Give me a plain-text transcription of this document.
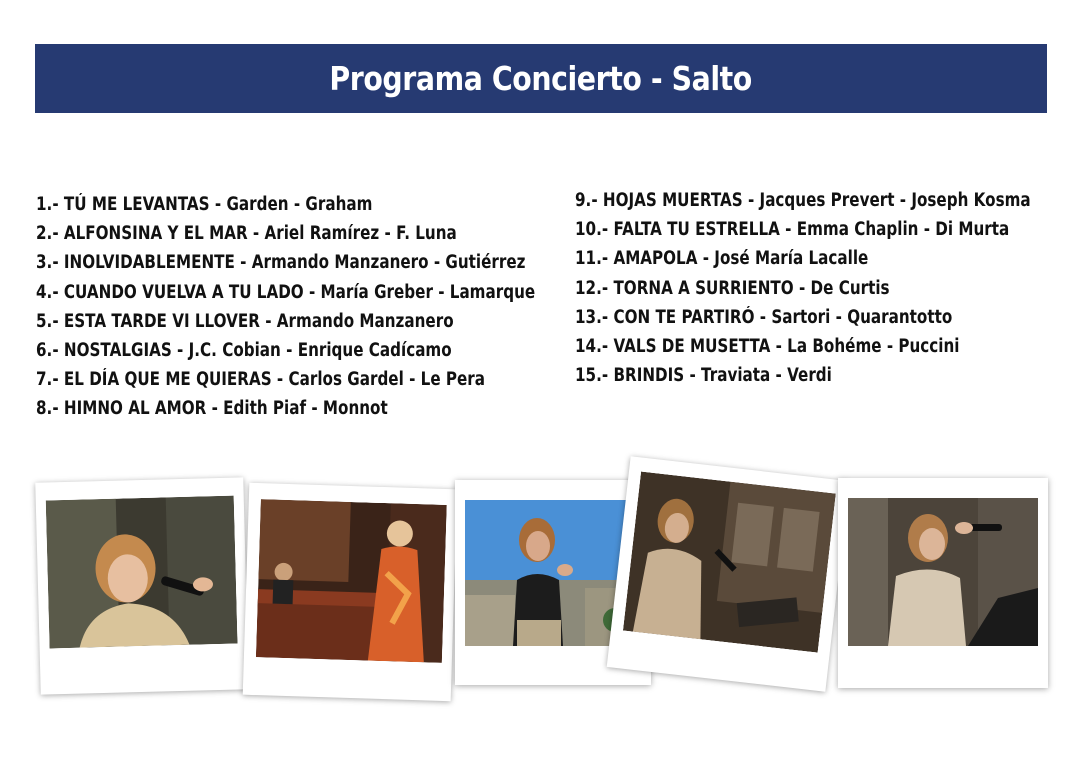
Programa Concierto - Salto
1.- TÚ ME LEVANTAS - Garden - Graham
2.- ALFONSINA Y EL MAR - Ariel Ramírez - F. Luna
3.- INOLVIDABLEMENTE - Armando Manzanero - Gutiérrez
4.- CUANDO VUELVA A TU LADO - María Greber - Lamarque
5.- ESTA TARDE VI LLOVER - Armando Manzanero
6.- NOSTALGIAS - J.C. Cobian - Enrique Cadícamo
7.- EL DÍA QUE ME QUIERAS - Carlos Gardel - Le Pera
8.- HIMNO AL AMOR - Edith Piaf - Monnot
9.- HOJAS MUERTAS - Jacques Prevert - Joseph Kosma
10.- FALTA TU ESTRELLA - Emma Chaplin - Di Murta
11.- AMAPOLA - José María Lacalle
12.- TORNA A SURRIENTO - De Curtis
13.- CON TE PARTIRÓ - Sartori - Quarantotto
14.- VALS DE MUSETTA - La Bohéme - Puccini
15.- BRINDIS - Traviata - Verdi
